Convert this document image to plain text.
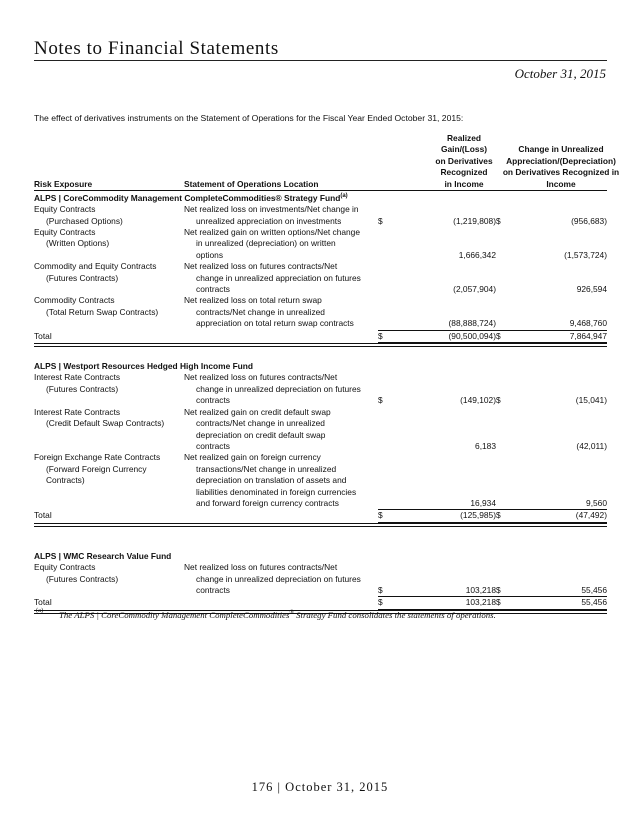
Notes to Financial Statements
October 31, 2015
The effect of derivatives instruments on the Statement of Operations for the Fiscal Year Ended October 31, 2015:
Risk Exposure	Statement of Operations Location
Realized
Gain/(Loss)
on Derivatives
Recognized
in Income
Change in Unrealized
Appreciation/(Depreciation)
on Derivatives Recognized in
Income
ALPS | CoreCommodity Management CompleteCommodities® Strategy Fund$^{(a)}$
Equity Contracts
(Purchased Options)
Net realized loss on investments/Net change in
unrealized appreciation on investments	$	(1,219,808) $	(956,683)
Equity Contracts
(Written Options)
Net realized gain on written options/Net change
in unrealized (depreciation) on written
options	1,666,342	(1,573,724)
Commodity and Equity Contracts
(Futures Contracts)
Net realized loss on futures contracts/Net
change in unrealized appreciation on futures
contracts	(2,057,904)	926,594
Commodity Contracts
(Total Return Swap Contracts)
Net realized loss on total return swap
contracts/Net change in unrealized
appreciation on total return swap contracts	(88,888,724)	9,468,760
Total	$	(90,500,094) $	7,864,947
ALPS | Westport Resources Hedged High Income Fund
Interest Rate Contracts
(Futures Contracts)
Net realized loss on futures contracts/Net
change in unrealized depreciation on futures
contracts	$	(149,102) $	(15,041)
Interest Rate Contracts
(Credit Default Swap Contracts)
Net realized gain on credit default swap
contracts/Net change in unrealized
depreciation on credit default swap
contracts	6,183	(42,011)
Foreign Exchange Rate Contracts
(Forward Foreign Currency
Contracts)
Net realized gain on foreign currency
transactions/Net change in unrealized
depreciation on translation of assets and
liabilities denominated in foreign currencies
and forward foreign currency contracts	16,934	9,560
Total	$	(125,985) $	(47,492)
ALPS | WMC Research Value Fund
Equity Contracts
(Futures Contracts)
Net realized loss on futures contracts/Net
change in unrealized depreciation on futures
contracts	$	103,218 $	55,456
Total	$	103,218 $	55,456
(a) The ALPS | CoreCommodity Management CompleteCommodities® Strategy Fund consolidates the statements of operations.
176 | October 31, 2015
